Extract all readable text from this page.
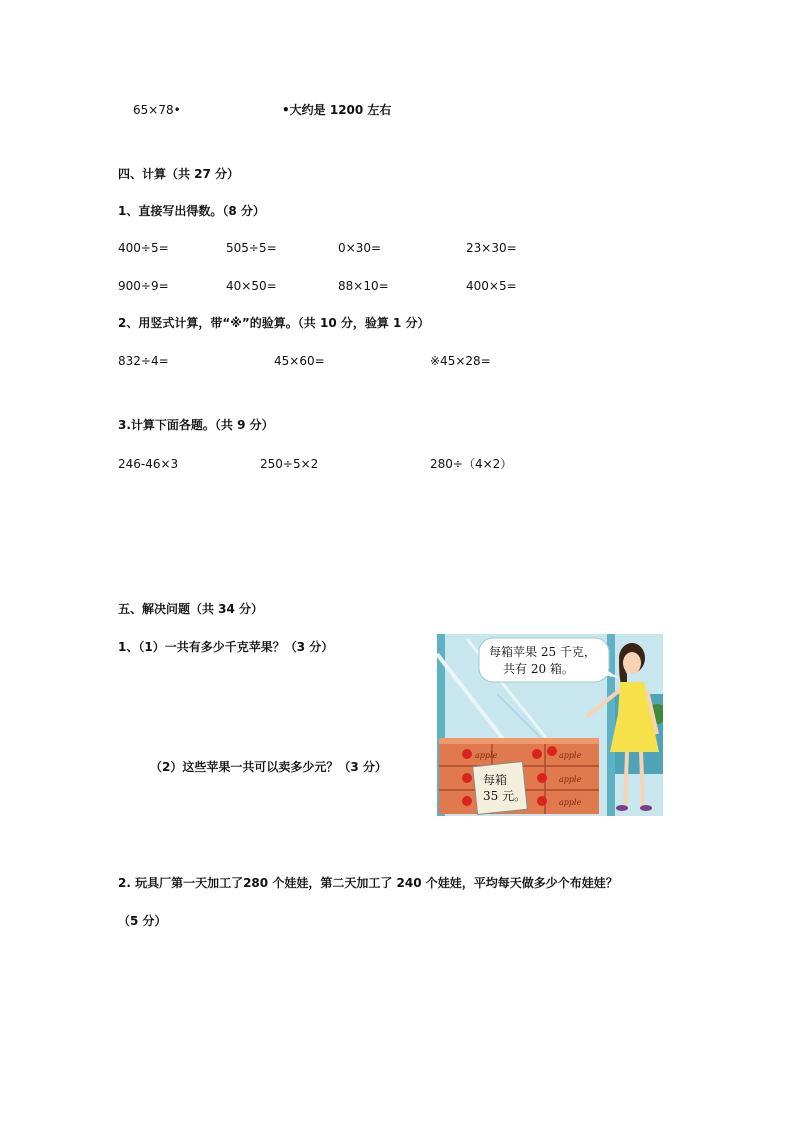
65×78•	•大约是 1200 左右
四、计算（共 27 分）
1、直接写出得数。（8 分）
400÷5=	505÷5=	0×30=	23×30=
900÷9=	40×50=	88×10=	400×5=
2、用竖式计算，带“※”的验算。（共 10 分，验算 1 分）
832÷4=	45×60=	※45×28=
3.计算下面各题。（共 9 分）
246-46×3	250÷5×2	280÷（4×2）
五、解决问题（共 34 分）
1、（1）一共有多少千克苹果？（3 分）
（2）这些苹果一共可以卖多少元？（3 分）
apple	apple
apple
apple
每箱
35 元。
每箱苹果 25 千克，
共有 20 箱。
2. 玩具厂第一天加工了280 个娃娃，第二天加工了 240 个娃娃，平均每天做多少个布娃娃？
（5 分）
